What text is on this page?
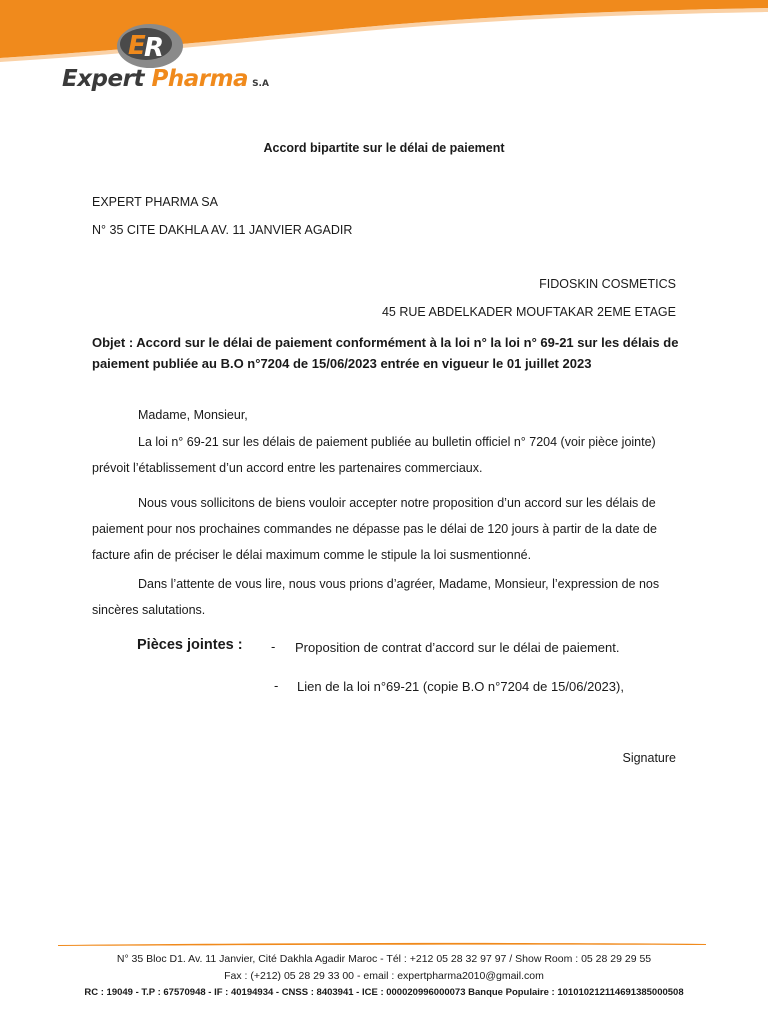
E
R
Expert Pharma S.A
Accord bipartite sur le délai de paiement
EXPERT PHARMA SA
N° 35 CITE DAKHLA AV. 11 JANVIER AGADIR
FIDOSKIN COSMETICS
45 RUE ABDELKADER MOUFTAKAR 2EME ETAGE
Objet : Accord sur le délai de paiement conformément à la loi n° la loi n° 69-21 sur les délais de paiement publiée au B.O n°7204 de 15/06/2023 entrée en vigueur le 01 juillet 2023
Madame, Monsieur,
La loi n° 69-21 sur les délais de paiement publiée au bulletin officiel n° 7204 (voir pièce jointe) prévoit l’établissement d’un accord entre les partenaires commerciaux.
Nous vous sollicitons de biens vouloir accepter notre proposition d’un accord sur les délais de paiement pour nos prochaines commandes ne dépasse pas le délai de 120 jours à partir de la date de facture afin de préciser le délai maximum comme le stipule la loi susmentionné.
Dans l’attente de vous lire, nous vous prions d’agréer, Madame, Monsieur, l’expression de nos sincères salutations.
Pièces jointes : - Proposition de contrat d’accord sur le délai de paiement.
- Lien de la loi n°69-21 (copie B.O n°7204 de 15/06/2023),
Signature
N° 35 Bloc D1. Av. 11 Janvier, Cité Dakhla Agadir Maroc - Tél : +212 05 28 32 97 97 / Show Room : 05 28 29 29 55
Fax : (+212) 05 28 29 33 00 - email : expertpharma2010@gmail.com
RC : 19049 - T.P : 67570948 - IF : 40194934 - CNSS : 8403941 - ICE : 000020996000073 Banque Populaire : 101010212114691385000508
